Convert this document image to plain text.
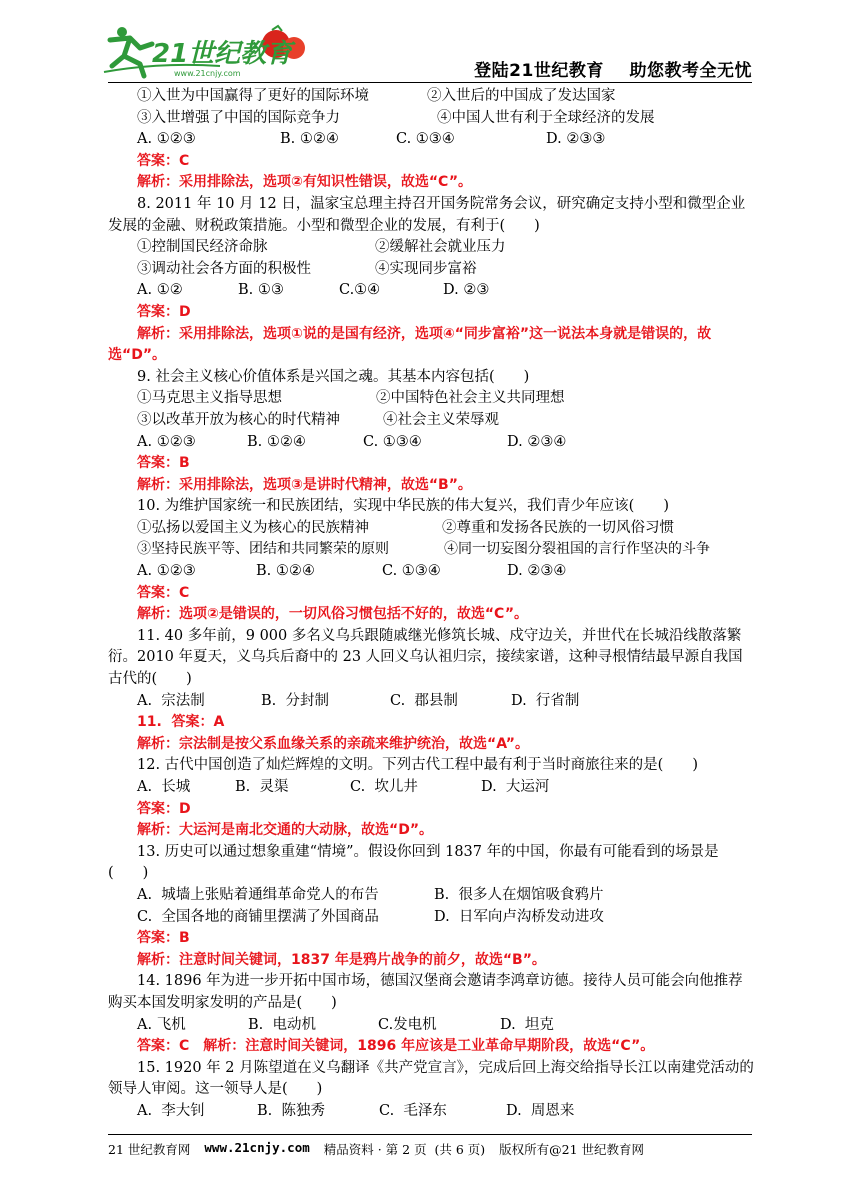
21世纪教育
www.21cnjy.com	登陆21世纪教育    助您教考全无忧
①入世为中国赢得了更好的国际环境	②入世后的中国成了发达国家
③入世增强了中国的国际竞争力	④中国人世有利于全球经济的发展
A. ①②③	B. ①②④	C. ①③④	D. ②③③
答案：C
解析：采用排除法，选项②有知识性错误，故选“C”。
8. 2011 年 10 月 12 日，温家宝总理主持召开国务院常务会议，研究确定支持小型和微型企业发展的金融、财税政策措施。小型和微型企业的发展，有利于(　　)
①控制国民经济命脉	②缓解社会就业压力
③调动社会各方面的积极性	④实现同步富裕
A. ①②	B. ①③	C.①④	D. ②③
答案：D
解析：采用排除法，选项①说的是国有经济，选项④“同步富裕”这一说法本身就是错误的，故选“D”。
9. 社会主义核心价值体系是兴国之魂。其基本内容包括(　　)
①马克思主义指导思想	②中国特色社会主义共同理想
③以改革开放为核心的时代精神	④社会主义荣辱观
A. ①②③	B. ①②④	C. ①③④	D. ②③④
答案：B
解析：采用排除法，选项③是讲时代精神，故选“B”。
10. 为维护国家统一和民族团结，实现中华民族的伟大复兴，我们青少年应该(　　)
①弘扬以爱国主义为核心的民族精神	②尊重和发扬各民族的一切风俗习惯
③坚持民族平等、团结和共同繁荣的原则	④同一切妄图分裂祖国的言行作坚决的斗争
A. ①②③	B. ①②④	C. ①③④	D. ②③④
答案：C
解析：选项②是错误的，一切风俗习惯包括不好的，故选“C”。
11. 40 多年前，9 000 多名义乌兵跟随戚继光修筑长城、戍守边关，并世代在长城沿线散落繁衍。2010 年夏天，义乌兵后裔中的 23 人回义乌认祖归宗，接续家谱，这种寻根情结最早源自我国古代的(　　)
A.  宗法制	B.  分封制	C.  郡县制	D.  行省制
11.  答案：A
解析：宗法制是按父系血缘关系的亲疏来维护统治，故选“A”。
12. 古代中国创造了灿烂辉煌的文明。下列古代工程中最有利于当时商旅往来的是(　　)
A.  长城	B.  灵渠	C.  坎儿井	D.  大运河
答案：D
解析：大运河是南北交通的大动脉，故选“D”。
13. 历史可以通过想象重建“情境”。假设你回到 1837 年的中国，你最有可能看到的场景是(　　)
A.  城墙上张贴着通缉革命党人的布告	B.  很多人在烟馆吸食鸦片
C.  全国各地的商铺里摆满了外国商品	D.  日军向卢沟桥发动进攻
答案：B
解析：注意时间关键词，1837 年是鸦片战争的前夕，故选“B”。
14. 1896 年为进一步开拓中国市场，德国汉堡商会邀请李鸿章访德。接待人员可能会向他推荐购买本国发明家发明的产品是(　　)
A. 飞机	B.  电动机	C.发电机	D.  坦克
答案：C　解析：注意时间关键词，1896 年应该是工业革命早期阶段，故选“C”。
15. 1920 年 2 月陈望道在义乌翻译《共产党宣言》，完成后回上海交给指导长江以南建党活动的领导人审阅。这一领导人是(　　)
A.  李大钊	B.  陈独秀	C.  毛泽东	D.  周恩来
21 世纪教育网 www.21cnjy.com 精品资料 · 第 2 页  (共 6 页) 版权所有@21 世纪教育网
